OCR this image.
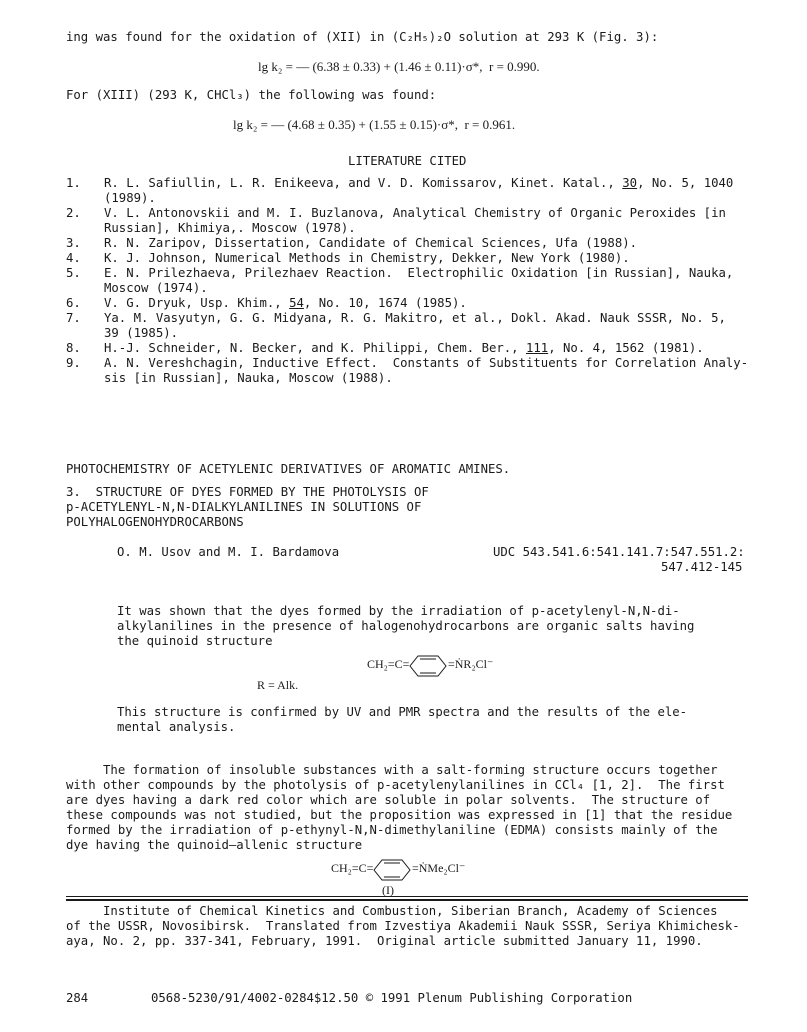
ing was found for the oxidation of (XII) in (C₂H₅)₂O solution at 293 K (Fig. 3):
lg k₂ = — (6.38 ± 0.33) + (1.46 ± 0.11)·σ*,  r = 0.990.
For (XIII) (293 K, CHCl₃) the following was found:
lg k₂ = — (4.68 ± 0.35) + (1.55 ± 0.15)·σ*,  r = 0.961.
LITERATURE CITED
1. R. L. Safiullin, L. R. Enikeeva, and V. D. Komissarov, Kinet. Katal., 30, No. 5, 1040
(1989).
2. V. L. Antonovskii and M. I. Buzlanova, Analytical Chemistry of Organic Peroxides [in
Russian], Khimiya,. Moscow (1978).
3. R. N. Zaripov, Dissertation, Candidate of Chemical Sciences, Ufa (1988).
4. K. J. Johnson, Numerical Methods in Chemistry, Dekker, New York (1980).
5. E. N. Prilezhaeva, Prilezhaev Reaction.  Electrophilic Oxidation [in Russian], Nauka,
Moscow (1974).
6. V. G. Dryuk, Usp. Khim., 54, No. 10, 1674 (1985).
7. Ya. M. Vasyutyn, G. G. Midyana, R. G. Makitro, et al., Dokl. Akad. Nauk SSSR, No. 5,
39 (1985).
8. H.-J. Schneider, N. Becker, and K. Philippi, Chem. Ber., 111, No. 4, 1562 (1981).
9. A. N. Vereshchagin, Inductive Effect.  Constants of Substituents for Correlation Analy-
sis [in Russian], Nauka, Moscow (1988).
PHOTOCHEMISTRY OF ACETYLENIC DERIVATIVES OF AROMATIC AMINES.
3.  STRUCTURE OF DYES FORMED BY THE PHOTOLYSIS OF
p-ACETYLENYL-N,N-DIALKYLANILINES IN SOLUTIONS OF
POLYHALOGENOHYDROCARBONS
O. M. Usov and M. I. Bardamova	UDC 543.541.6:541.141.7:547.551.2:
547.412-145
It was shown that the dyes formed by the irradiation of p-acetylenyl-N,N-di-
alkylanilines in the presence of halogenohydrocarbons are organic salts having
the quinoid structure
CH₂=C=	=ṄR₂Cl⁻
R = Alk.
This structure is confirmed by UV and PMR spectra and the results of the ele-
mental analysis.
The formation of insoluble substances with a salt-forming structure occurs together
with other compounds by the photolysis of p-acetylenylanilines in CCl₄ [1, 2].  The first
are dyes having a dark red color which are soluble in polar solvents.  The structure of
these compounds was not studied, but the proposition was expressed in [1] that the residue
formed by the irradiation of p-ethynyl-N,N-dimethylaniline (EDMA) consists mainly of the
dye having the quinoid—allenic structure
CH₂=C=	=ṄMe₂Cl⁻
(I)
Institute of Chemical Kinetics and Combustion, Siberian Branch, Academy of Sciences
of the USSR, Novosibirsk.  Translated from Izvestiya Akademii Nauk SSSR, Seriya Khimichesk-
aya, No. 2, pp. 337-341, February, 1991.  Original article submitted January 11, 1990.
284	0568-5230/91/4002-0284$12.50 © 1991 Plenum Publishing Corporation
